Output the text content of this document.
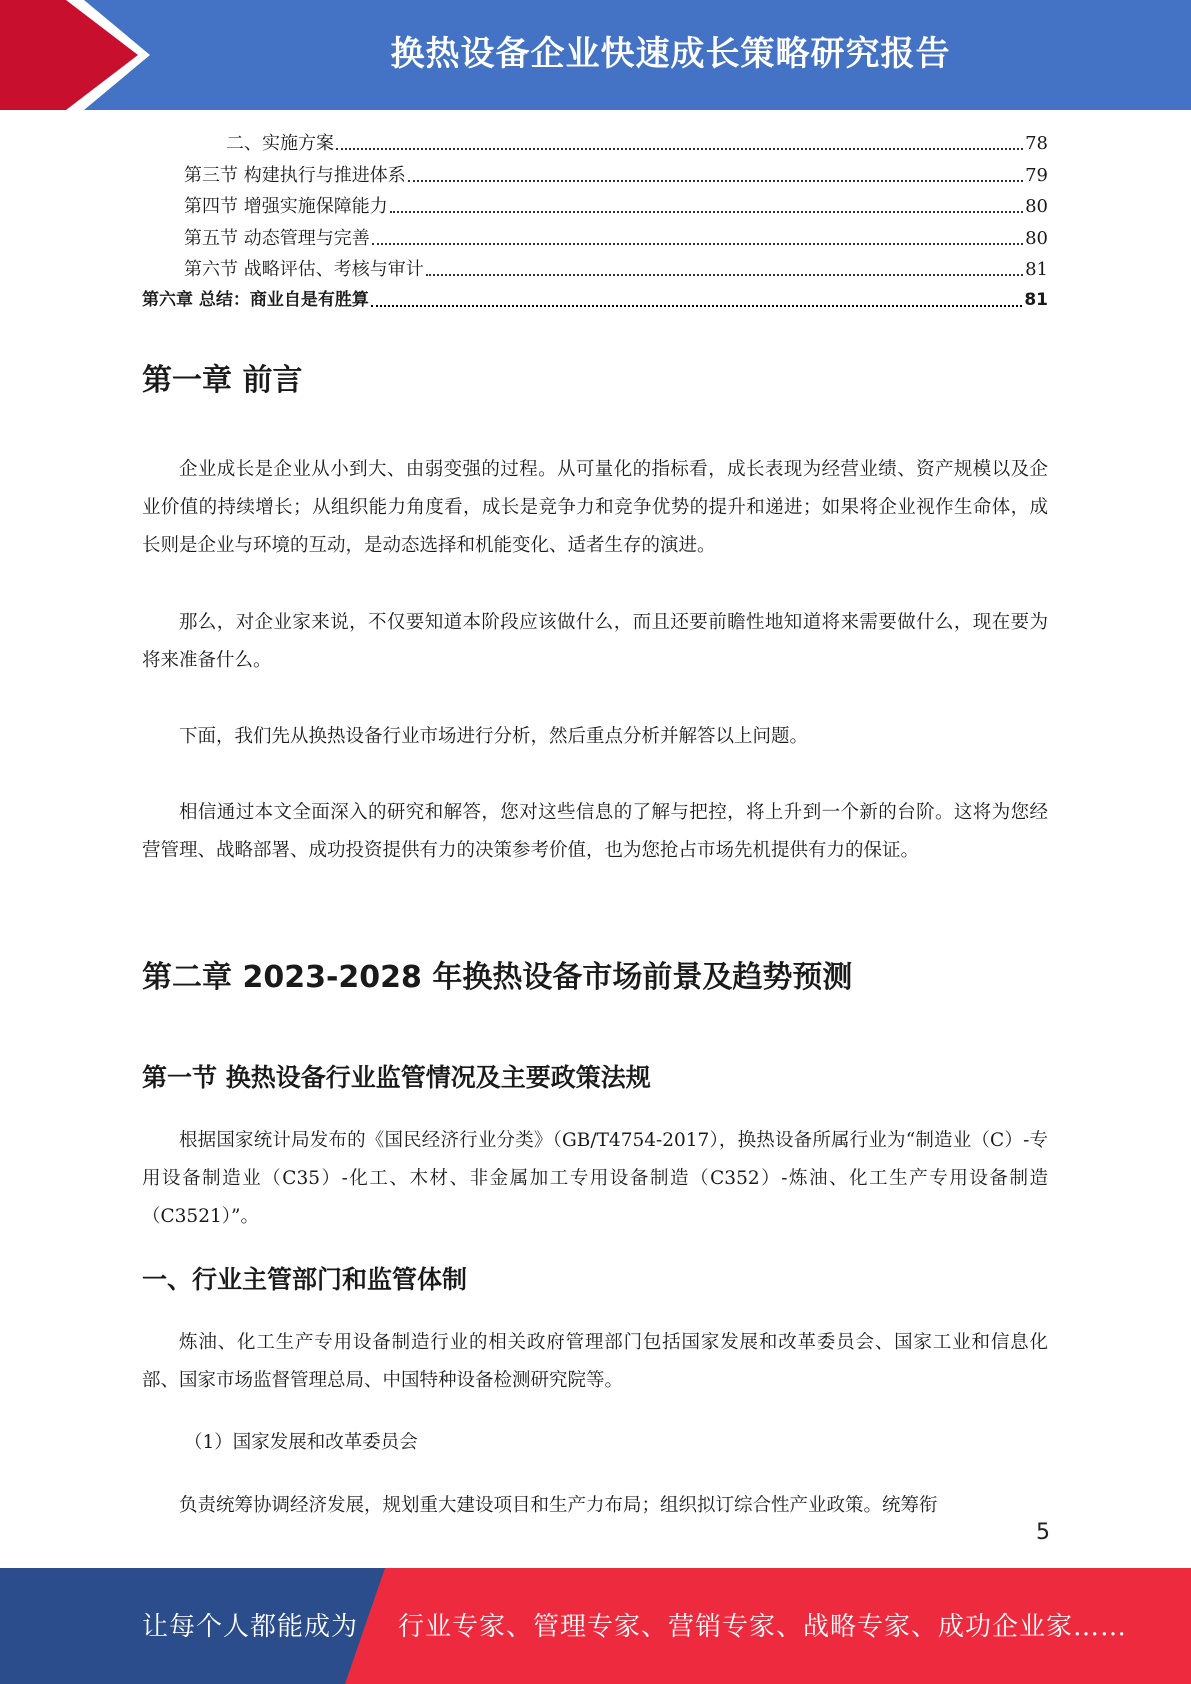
换热设备企业快速成长策略研究报告
二、实施方案	78
第三节 构建执行与推进体系	79
第四节 增强实施保障能力	80
第五节 动态管理与完善	80
第六节 战略评估、考核与审计	81
第六章 总结：商业自是有胜算	81
第一章 前言

企业成长是企业从小到大、由弱变强的过程。从可量化的指标看，成长表现为经营业绩、资产规模以及企业价值的持续增长；从组织能力角度看，成长是竞争力和竞争优势的提升和递进；如果将企业视作生命体，成长则是企业与环境的互动，是动态选择和机能变化、适者生存的演进。

那么，对企业家来说，不仅要知道本阶段应该做什么，而且还要前瞻性地知道将来需要做什么，现在要为将来准备什么。

下面，我们先从换热设备行业市场进行分析，然后重点分析并解答以上问题。

相信通过本文全面深入的研究和解答，您对这些信息的了解与把控，将上升到一个新的台阶。这将为您经营管理、战略部署、成功投资提供有力的决策参考价值，也为您抢占市场先机提供有力的保证。

第二章 2023-2028 年换热设备市场前景及趋势预测
第一节 换热设备行业监管情况及主要政策法规

根据国家统计局发布的《国民经济行业分类》（GB/T4754-2017），换热设备所属行业为“制造业（C）-专用设备制造业（C35）-化工、木材、非金属加工专用设备制造（C352）-炼油、化工生产专用设备制造（C3521）”。

一、行业主管部门和监管体制

炼油、化工生产专用设备制造行业的相关政府管理部门包括国家发展和改革委员会、国家工业和信息化部、国家市场监督管理总局、中国特种设备检测研究院等。

（1）国家发展和改革委员会

负责统筹协调经济发展，规划重大建设项目和生产力布局；组织拟订综合性产业政策。统筹衔

5
让每个人都能成为 行业专家、管理专家、营销专家、战略专家、成功企业家……
